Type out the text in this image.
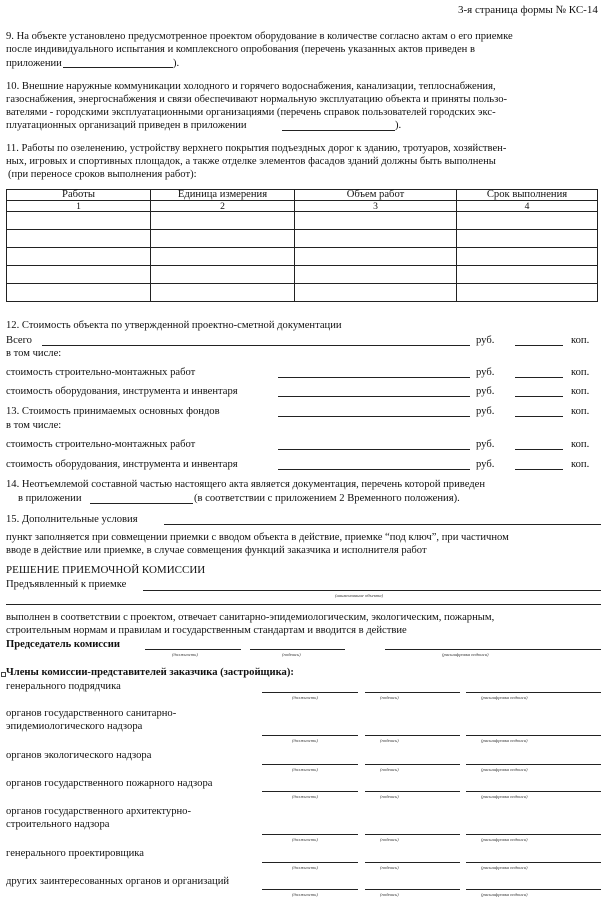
3-я страница формы № КС-14
9. На объекте установлено предусмотренное проектом оборудование в количестве согласно актам о его приемке
после индивидуального испытания и комплексного опробования (перечень указанных актов приведен в
приложении	).
10. Внешние наружные коммуникации холодного и горячего водоснабжения, канализации, теплоснабжения,
газоснабжения, энергоснабжения и связи обеспечивают нормальную эксплуатацию объекта и приняты пользо-
вателями - городскими эксплуатационными организациями (перечень справок пользователей городских экс-
плуатационных организаций приведен в приложении	).
11. Работы по озеленению, устройству верхнего покрытия подъездных дорог к зданию, тротуаров, хозяйствен-
ных, игровых и спортивных площадок, а также отделке элементов фасадов зданий должны быть выполнены
(при переносе сроков выполнения работ):
Работы	Единица измерения	Объем работ	Срок выполнения
1	2	3	4

12. Стоимость объекта по утвержденной проектно-сметной документации
Всего	руб.	коп.
в том числе:
стоимость строительно-монтажных работ	руб.	коп.
стоимость оборудования, инструмента и инвентаря	руб.	коп.
13. Стоимость принимаемых основных фондов	руб.	коп.
в том числе:
стоимость строительно-монтажных работ	руб.	коп.
стоимость оборудования, инструмента и инвентаря	руб.	коп.
14. Неотъемлемой составной частью настоящего акта является документация, перечень которой приведен
в приложении	(в соответствии с приложением 2 Временного положения).
15. Дополнительные условия
пункт заполняется при совмещении приемки с вводом объекта в действие, приемке “под ключ”, при частичном
вводе в действие или приемке, в случае совмещения функций заказчика и исполнителя работ
РЕШЕНИЕ ПРИЕМОЧНОЙ КОМИССИИ
Предъявленный к приемке
(наименование объекта)
выполнен в соответствии с проектом, отвечает санитарно-эпидемиологическим, экологическим, пожарным,
строительным нормам и правилам и государственным стандартам и вводится в действие
Председатель комиссии
(должность)	(подпись)	(расшифровка подписи)
Члены комиссии-представителей заказчика (застройщика):
генерального подрядчика
(должность)	(подпись)	(расшифровка подписи)
органов государственного санитарно-
эпидемиологического надзора
(должность)	(подпись)	(расшифровка подписи)
органов экологического надзора
(должность)	(подпись)	(расшифровка подписи)
органов государственного пожарного надзора
(должность)	(подпись)	(расшифровка подписи)
органов государственного архитектурно-
строительного надзора
(должность)	(подпись)	(расшифровка подписи)
генерального проектировщика
(должность)	(подпись)	(расшифровка подписи)
других заинтересованных органов и организаций
(должность)	(подпись)	(расшифровка подписи)
